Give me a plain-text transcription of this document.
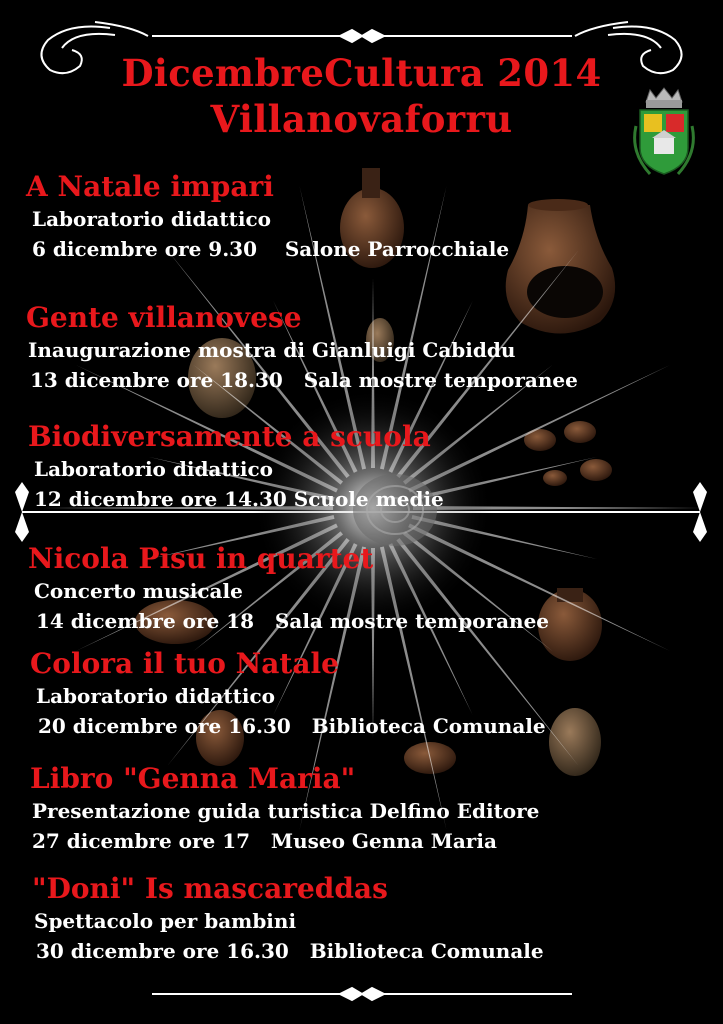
DicembreCultura 2014
Villanovaforru
A Natale impari
Laboratorio didattico
6 dicembre ore 9.30    Salone Parrocchiale
Gente villanovese
Inaugurazione mostra di Gianluigi Cabiddu
13 dicembre ore 18.30   Sala mostre temporanee
Biodiversamente a scuola
Laboratorio didattico
12 dicembre ore 14.30 Scuole medie
Nicola Pisu in quartet
Concerto musicale
14 dicembre ore 18   Sala mostre temporanee
Colora il tuo Natale
Laboratorio didattico
20 dicembre ore 16.30   Biblioteca Comunale
Libro "Genna Maria"
Presentazione guida turistica Delfino Editore
27 dicembre ore 17   Museo Genna Maria
"Doni" Is mascareddas
Spettacolo per bambini
30 dicembre ore 16.30   Biblioteca Comunale
